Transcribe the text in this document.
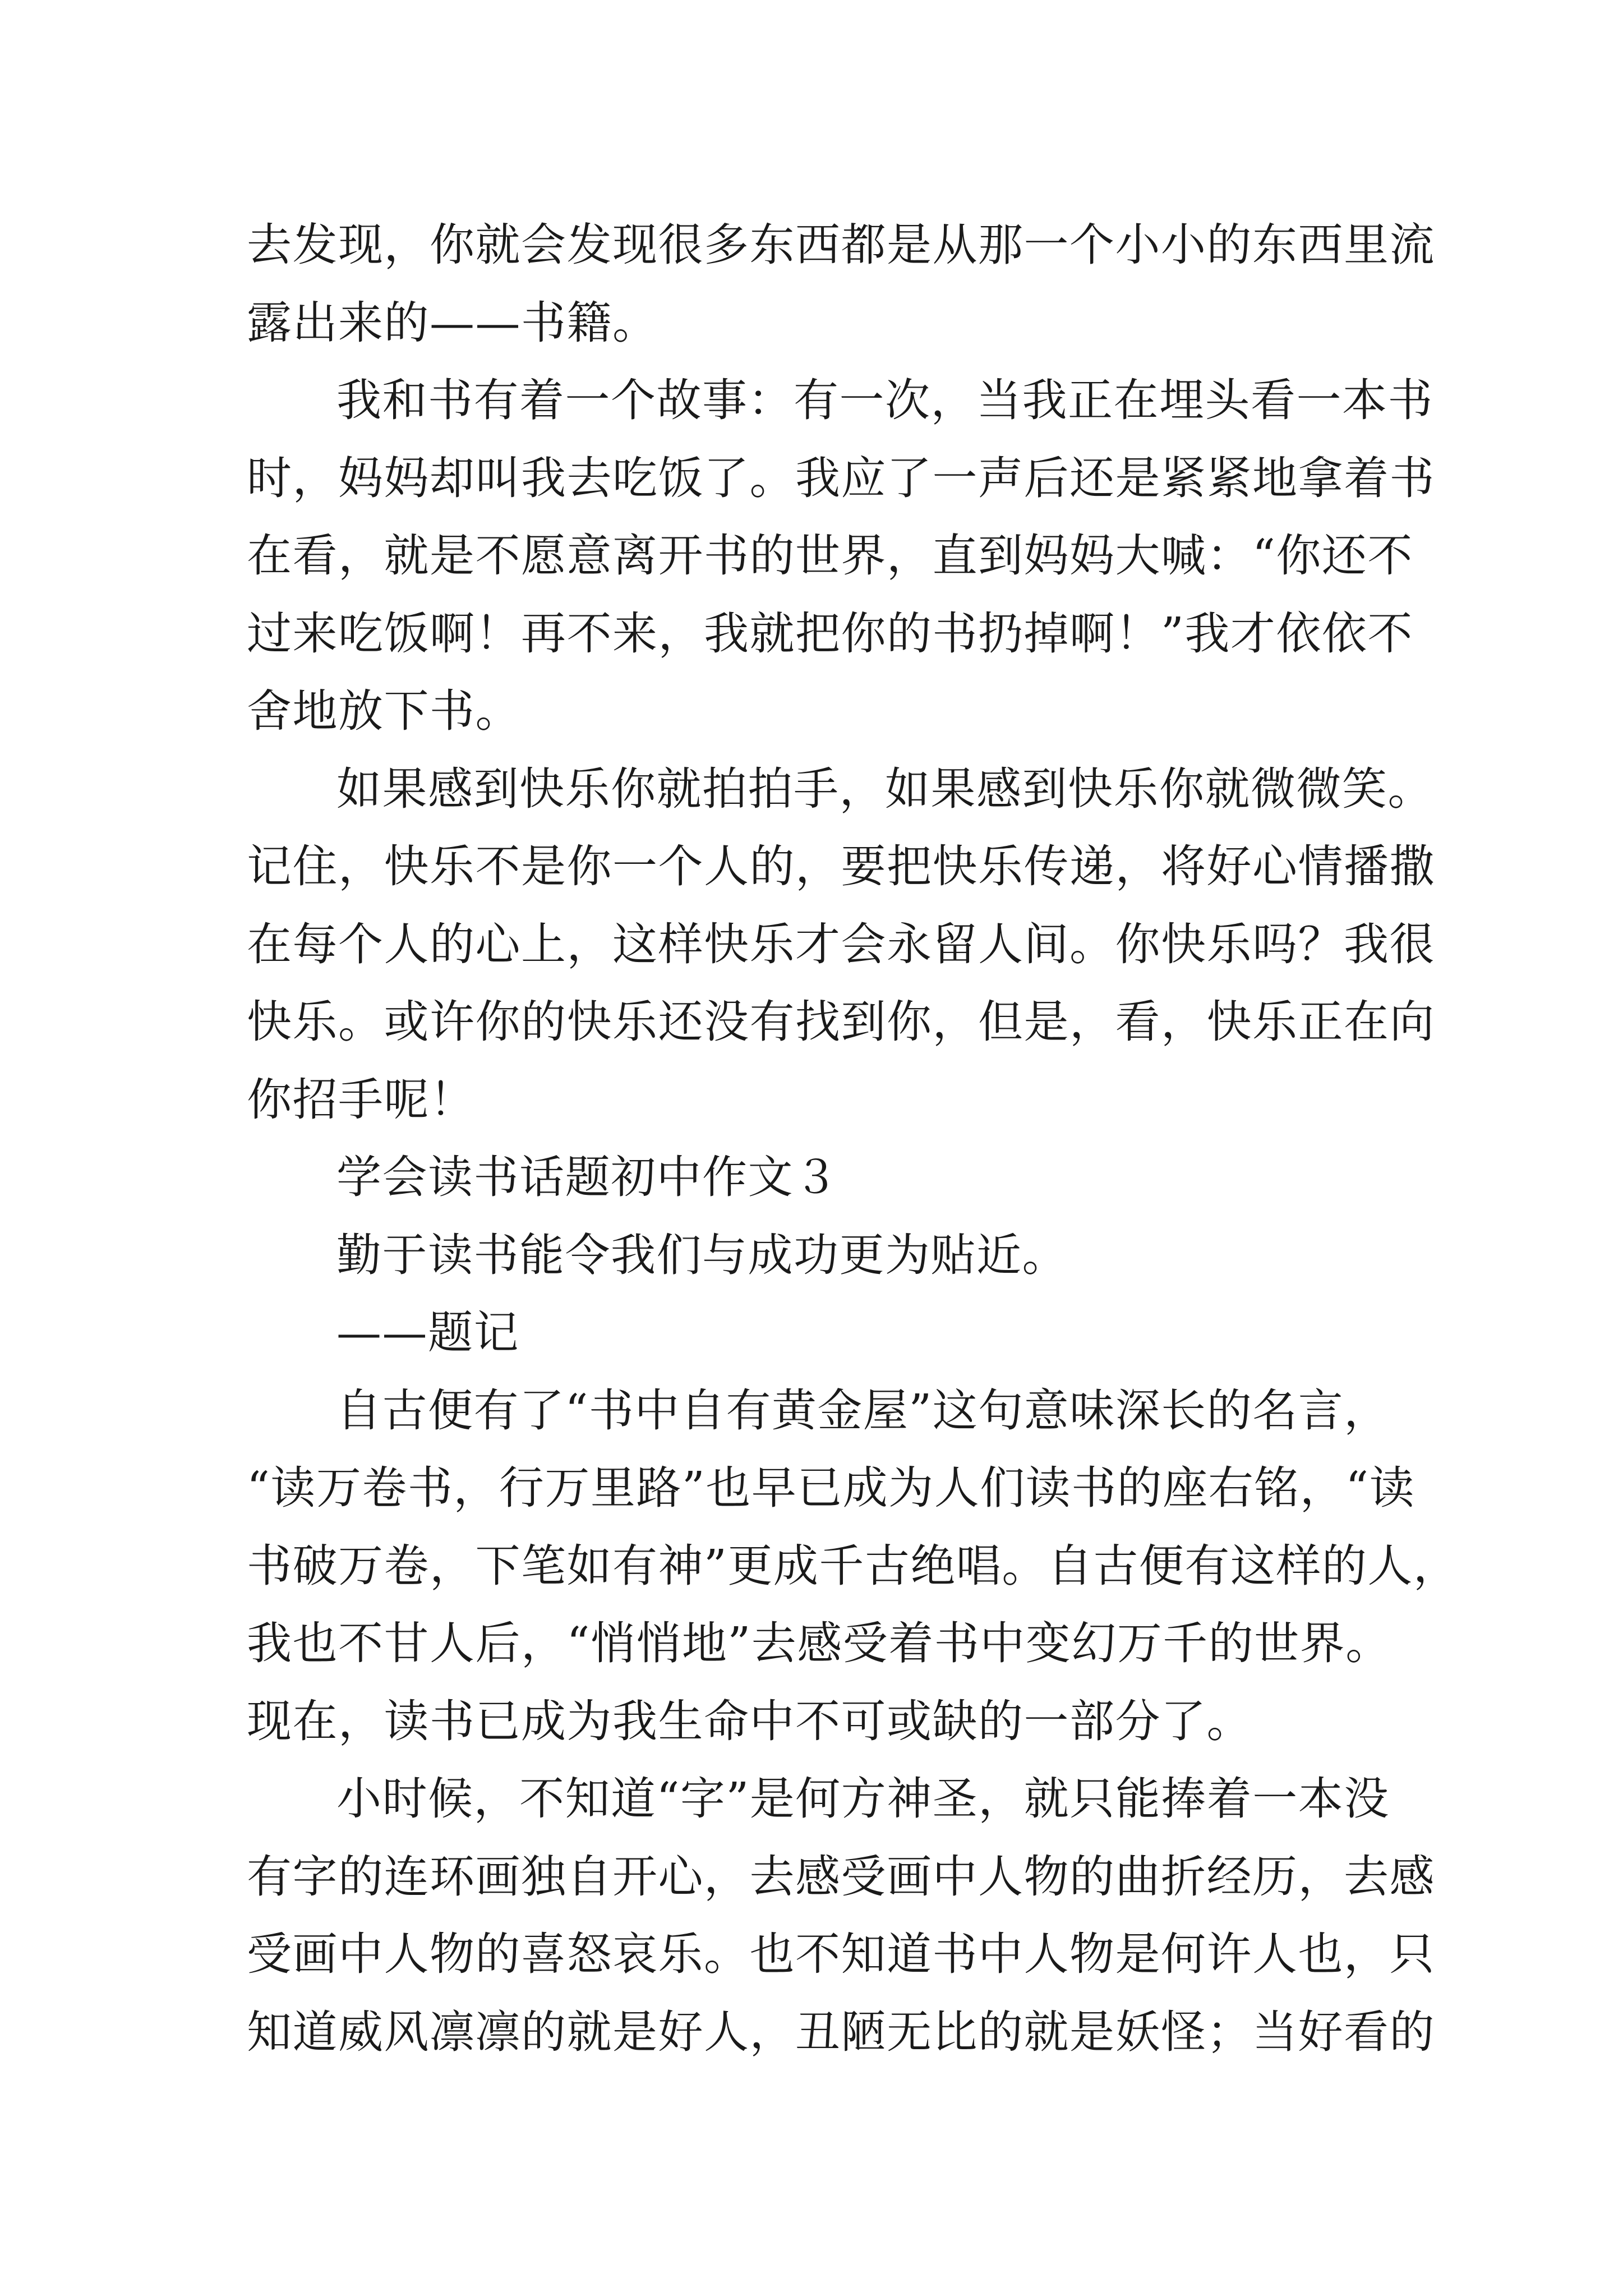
去发现，你就会发现很多东西都是从那一个小小的东西里流
露出来的——书籍。
我和书有着一个故事：有一次，当我正在埋头看一本书
时，妈妈却叫我去吃饭了。我应了一声后还是紧紧地拿着书
在看，就是不愿意离开书的世界，直到妈妈大喊：“你还不
过来吃饭啊！再不来，我就把你的书扔掉啊！”我才依依不
舍地放下书。
如果感到快乐你就拍拍手，如果感到快乐你就微微笑。
记住，快乐不是你一个人的，要把快乐传递，将好心情播撒
在每个人的心上，这样快乐才会永留人间。你快乐吗？我很
快乐。或许你的快乐还没有找到你，但是，看，快乐正在向
你招手呢！
学会读书话题初中作文３
勤于读书能令我们与成功更为贴近。
——题记
自古便有了“书中自有黄金屋”这句意味深长的名言，
“读万卷书，行万里路”也早已成为人们读书的座右铭，“读
书破万卷，下笔如有神”更成千古绝唱。自古便有这样的人，
我也不甘人后，“悄悄地”去感受着书中变幻万千的世界。
现在，读书已成为我生命中不可或缺的一部分了。
小时候，不知道“字”是何方神圣，就只能捧着一本没
有字的连环画独自开心，去感受画中人物的曲折经历，去感
受画中人物的喜怒哀乐。也不知道书中人物是何许人也，只
知道威风凛凛的就是好人，丑陋无比的就是妖怪；当好看的
